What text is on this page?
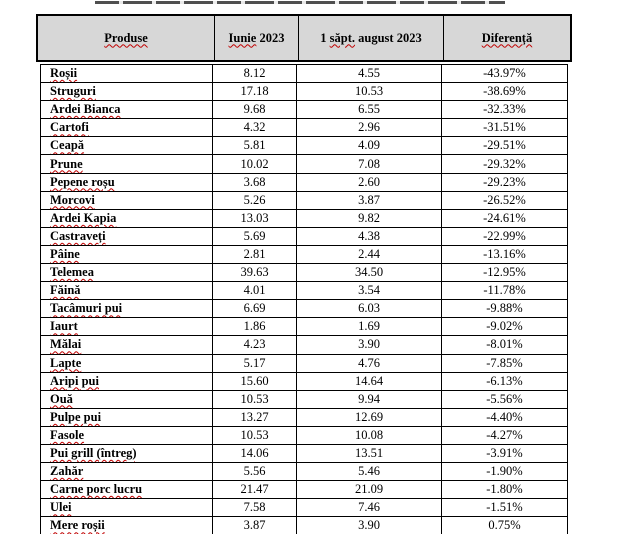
Produse	Iunie 2023	1 săpt. august 2023	Diferență
Roșii	8.12	4.55	-43.97%
Struguri	17.18	10.53	-38.69%
Ardei Bianca	9.68	6.55	-32.33%
Cartofi	4.32	2.96	-31.51%
Ceapă	5.81	4.09	-29.51%
Prune	10.02	7.08	-29.32%
Pepene roșu	3.68	2.60	-29.23%
Morcovi	5.26	3.87	-26.52%
Ardei Kapia	13.03	9.82	-24.61%
Castraveți	5.69	4.38	-22.99%
Pâine	2.81	2.44	-13.16%
Telemea	39.63	34.50	-12.95%
Făină	4.01	3.54	-11.78%
Tacâmuri pui	6.69	6.03	-9.88%
Iaurt	1.86	1.69	-9.02%
Mălai	4.23	3.90	-8.01%
Lapte	5.17	4.76	-7.85%
Aripi pui	15.60	14.64	-6.13%
Ouă	10.53	9.94	-5.56%
Pulpe pui	13.27	12.69	-4.40%
Fasole	10.53	10.08	-4.27%
Pui grill (întreg)	14.06	13.51	-3.91%
Zahăr	5.56	5.46	-1.90%
Carne porc lucru	21.47	21.09	-1.80%
Ulei	7.58	7.46	-1.51%
Mere roșii	3.87	3.90	0.75%
